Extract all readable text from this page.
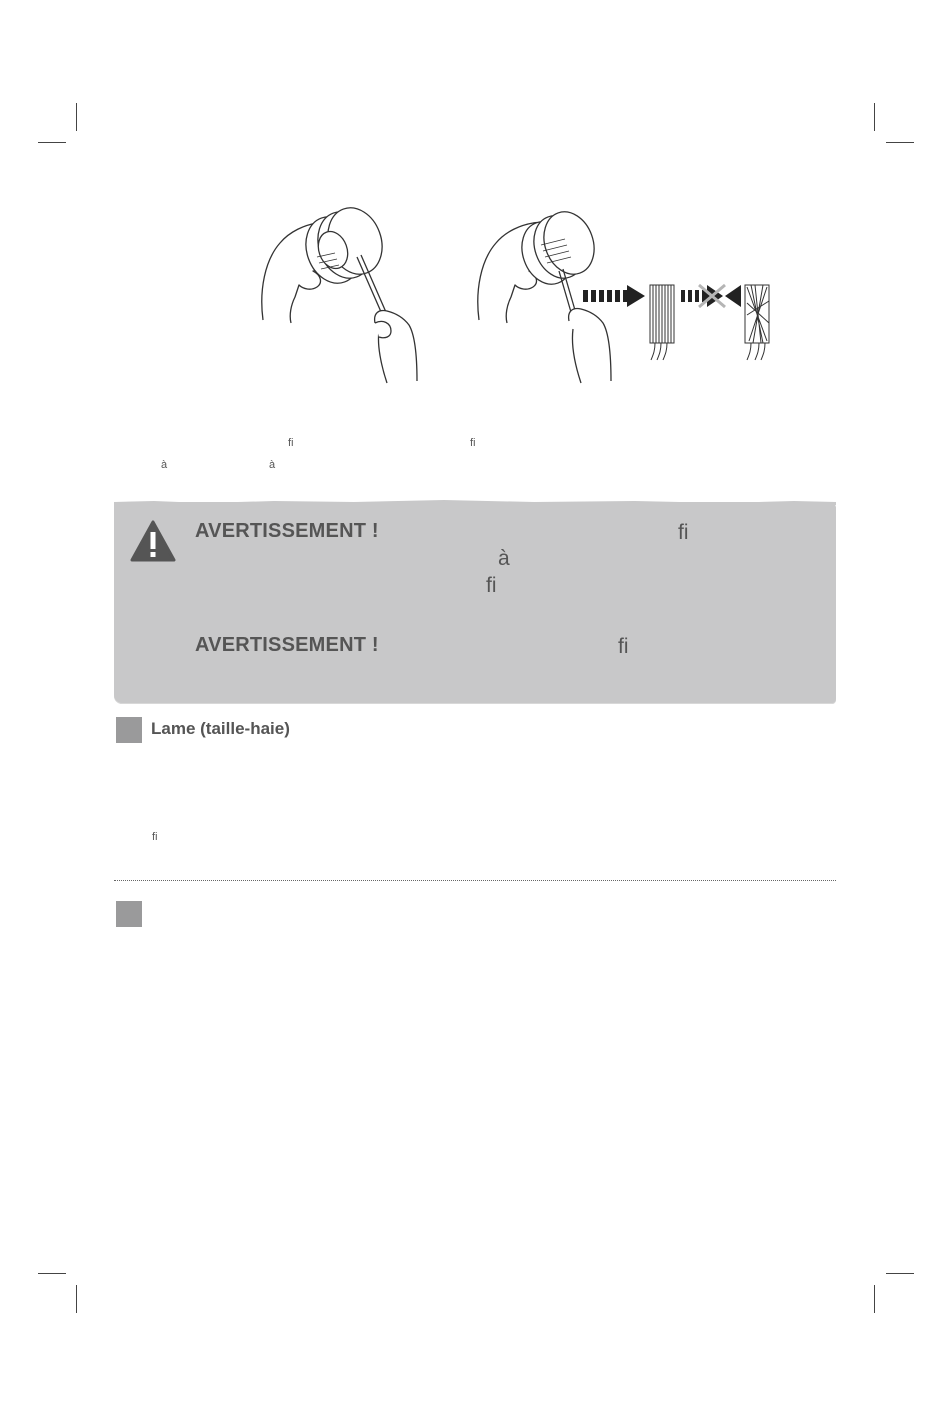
ﬁ	ﬁ
à	à
AVERTISSEMENT !	ﬁ
à
ﬁ
AVERTISSEMENT !	ﬁ
Lame (taille-haie)
ﬁ
